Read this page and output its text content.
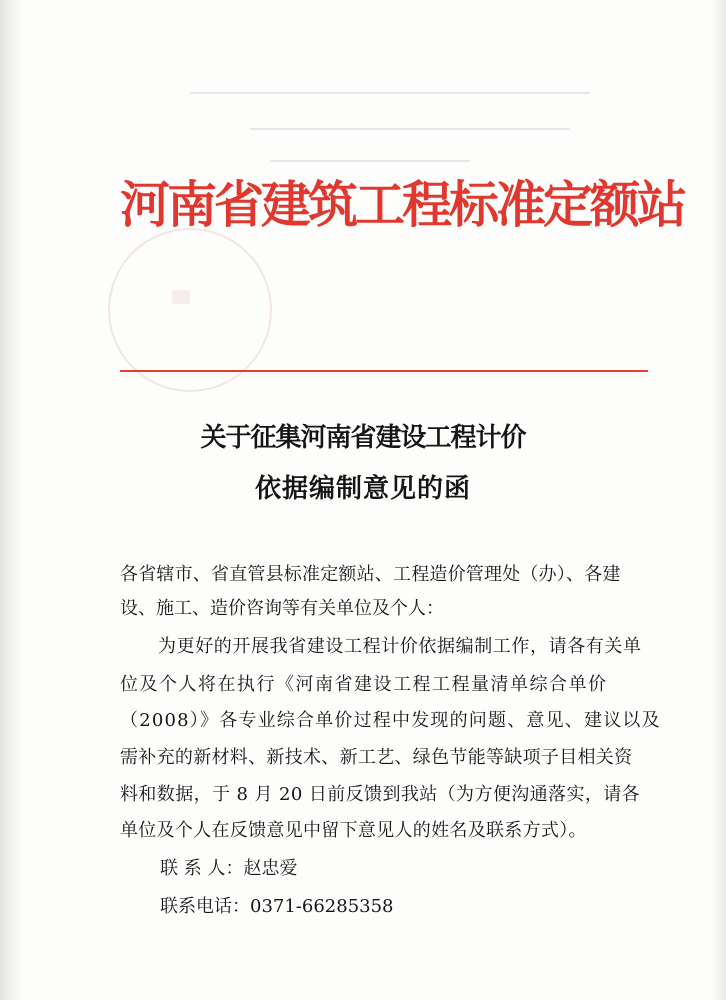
河南省建筑工程标准定额站
关于征集河南省建设工程计价
依据编制意见的函
各省辖市、省直管县标准定额站、工程造价管理处（办）、各建
设、施工、造价咨询等有关单位及个人：
为更好的开展我省建设工程计价依据编制工作，请各有关单
位及个人将在执行《河南省建设工程工程量清单综合单价
（2008）》各专业综合单价过程中发现的问题、意见、建议以及
需补充的新材料、新技术、新工艺、绿色节能等缺项子目相关资
料和数据，于 8 月 20 日前反馈到我站（为方便沟通落实，请各
单位及个人在反馈意见中留下意见人的姓名及联系方式）。
联 系 人：赵忠爱
联系电话：0371-66285358
